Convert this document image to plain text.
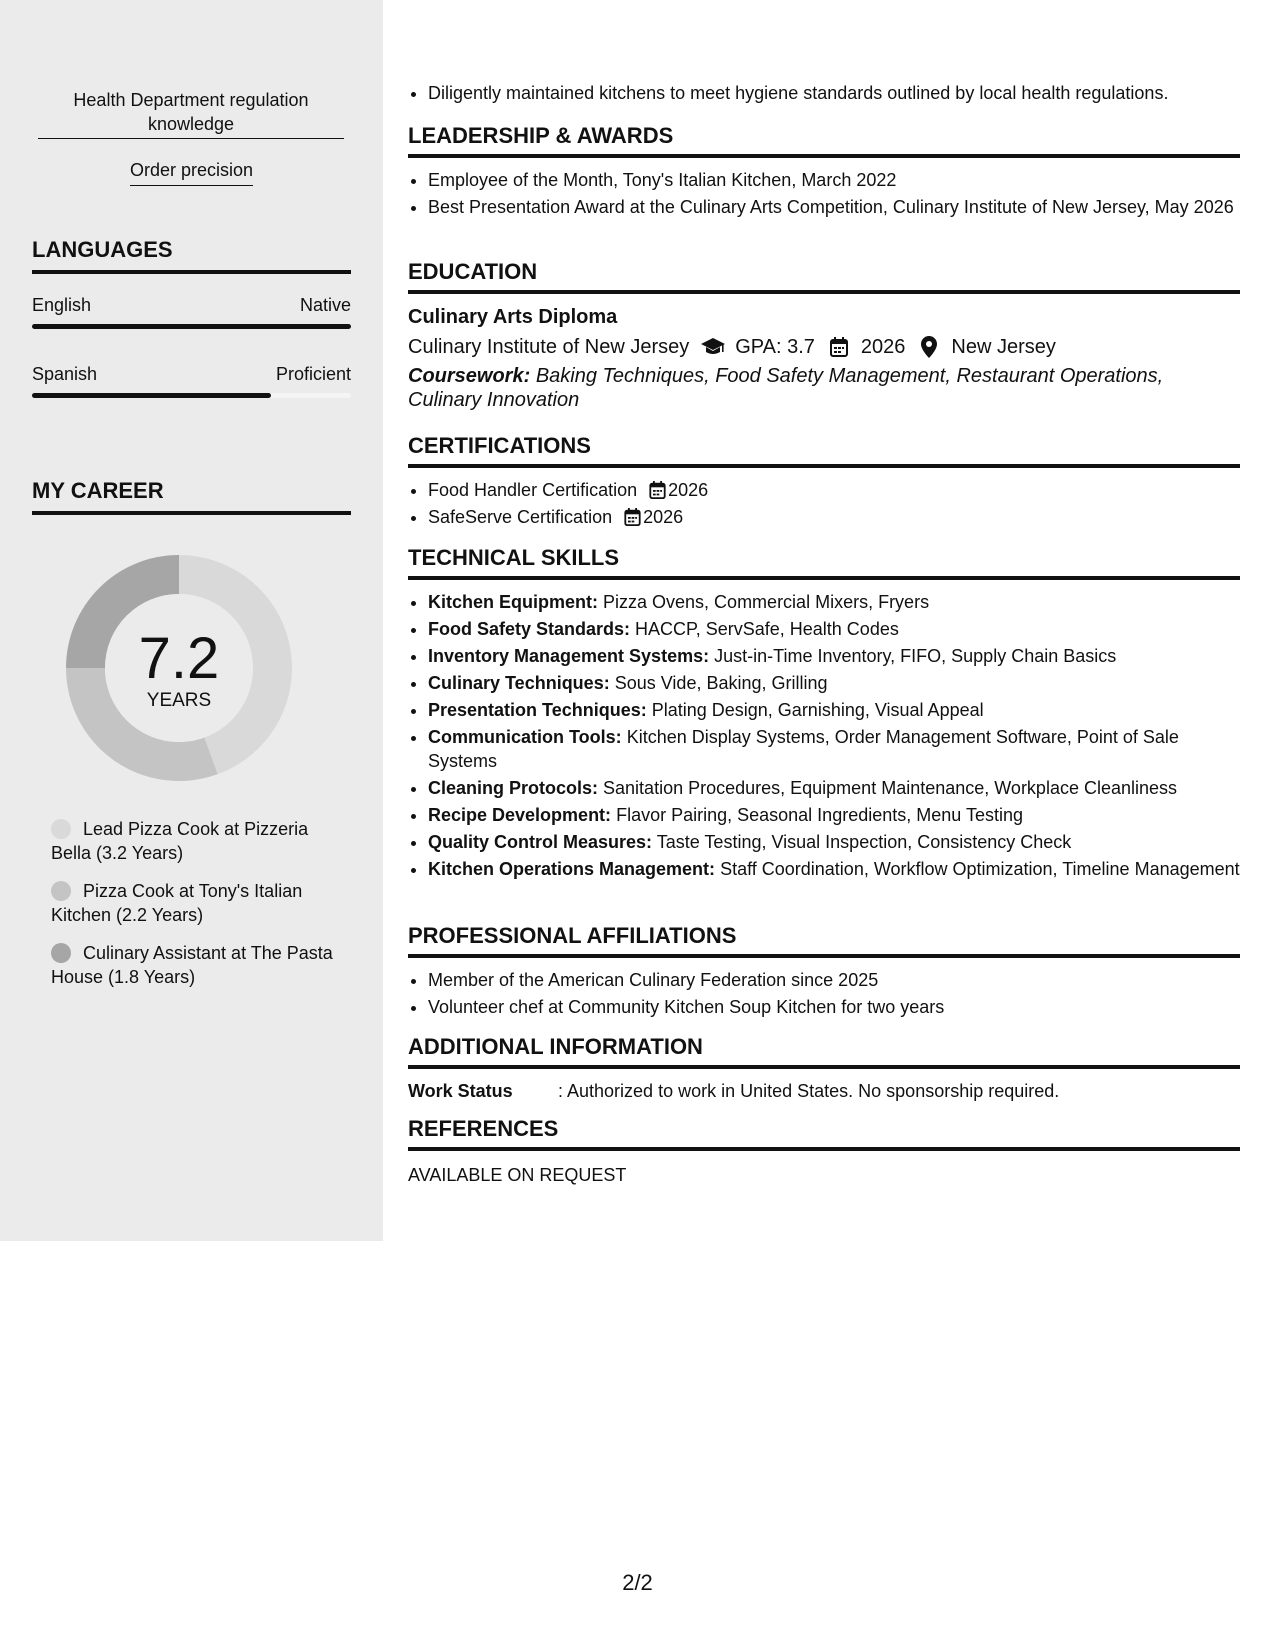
Health Department regulation knowledge
Order precision
LANGUAGES
English	Native
Spanish	Proficient
MY CAREER
7.2
YEARS
Lead Pizza Cook at Pizzeria Bella (3.2 Years)
Pizza Cook at Tony's Italian Kitchen (2.2 Years)
Culinary Assistant at The Pasta House (1.8 Years)
• Diligently maintained kitchens to meet hygiene standards outlined by local health regulations.
LEADERSHIP & AWARDS
• Employee of the Month, Tony's Italian Kitchen, March 2022
• Best Presentation Award at the Culinary Arts Competition, Culinary Institute of New Jersey, May 2026
EDUCATION
Culinary Arts Diploma
Culinary Institute of New Jersey GPA: 3.7 2026 New Jersey
Coursework: Baking Techniques, Food Safety Management, Restaurant Operations, Culinary Innovation
CERTIFICATIONS
• Food Handler Certification 2026
• SafeServe Certification 2026
TECHNICAL SKILLS
• Kitchen Equipment: Pizza Ovens, Commercial Mixers, Fryers
• Food Safety Standards: HACCP, ServSafe, Health Codes
• Inventory Management Systems: Just-in-Time Inventory, FIFO, Supply Chain Basics
• Culinary Techniques: Sous Vide, Baking, Grilling
• Presentation Techniques: Plating Design, Garnishing, Visual Appeal
• Communication Tools: Kitchen Display Systems, Order Management Software, Point of Sale Systems
• Cleaning Protocols: Sanitation Procedures, Equipment Maintenance, Workplace Cleanliness
• Recipe Development: Flavor Pairing, Seasonal Ingredients, Menu Testing
• Quality Control Measures: Taste Testing, Visual Inspection, Consistency Check
• Kitchen Operations Management: Staff Coordination, Workflow Optimization, Timeline Management
PROFESSIONAL AFFILIATIONS
• Member of the American Culinary Federation since 2025
• Volunteer chef at Community Kitchen Soup Kitchen for two years
ADDITIONAL INFORMATION
Work Status	: Authorized to work in United States. No sponsorship required.
REFERENCES
AVAILABLE ON REQUEST
2/2
